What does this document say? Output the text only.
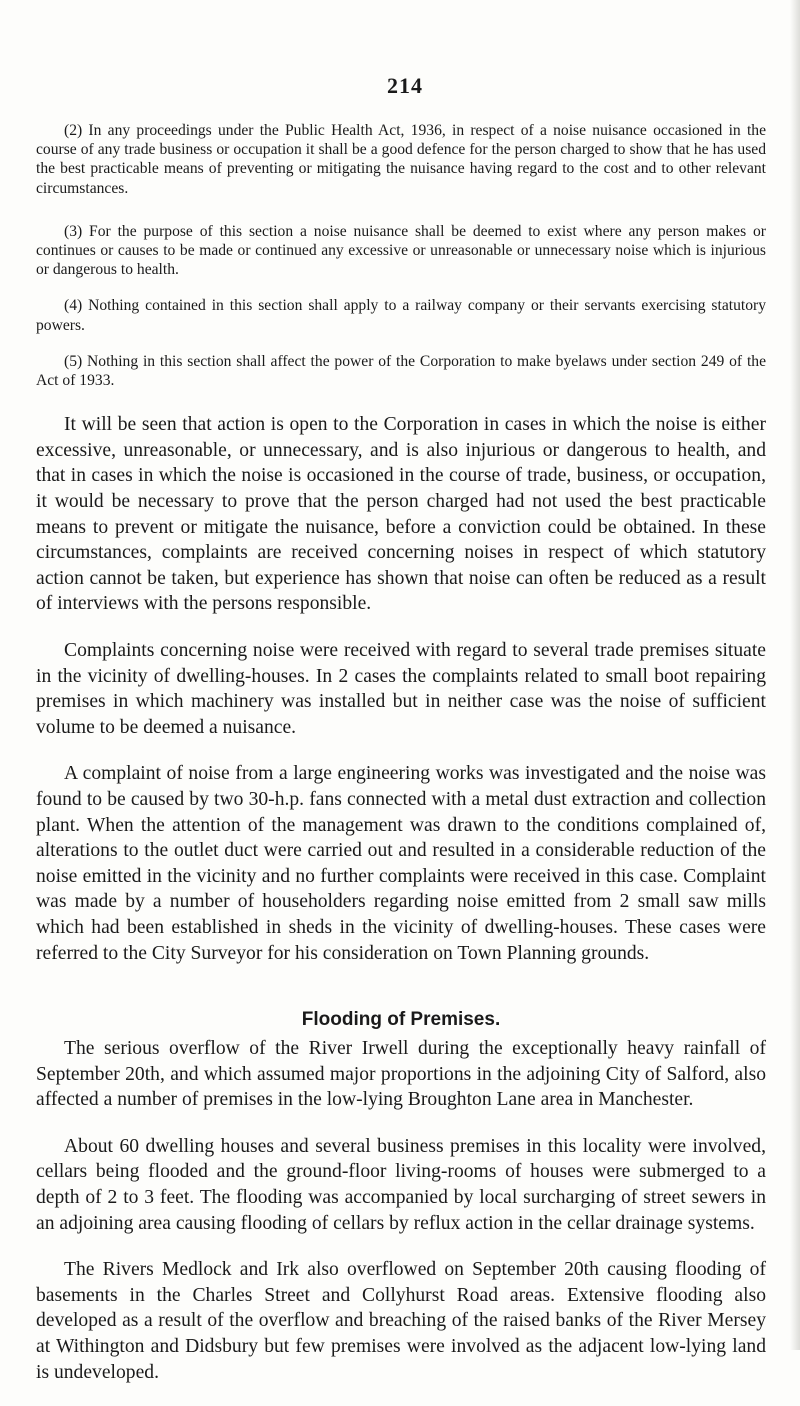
214

(2) In any proceedings under the Public Health Act, 1936, in respect of a noise nuisance occasioned in the course of any trade business or occupation it shall be a good defence for the person charged to show that he has used the best practicable means of preventing or mitigating the nuisance having regard to the cost and to other relevant circumstances.

(3) For the purpose of this section a noise nuisance shall be deemed to exist where any person makes or continues or causes to be made or continued any excessive or unreasonable or unnecessary noise which is injurious or dangerous to health.

(4) Nothing contained in this section shall apply to a railway company or their servants exercising statutory powers.

(5) Nothing in this section shall affect the power of the Corporation to make byelaws under section 249 of the Act of 1933.

It will be seen that action is open to the Corporation in cases in which the noise is either excessive, unreasonable, or unnecessary, and is also injurious or dangerous to health, and that in cases in which the noise is occasioned in the course of trade, business, or occupation, it would be necessary to prove that the person charged had not used the best practicable means to prevent or mitigate the nuisance, before a conviction could be obtained. In these circumstances, complaints are received concerning noises in respect of which statutory action cannot be taken, but experience has shown that noise can often be reduced as a result of interviews with the persons responsible.

Complaints concerning noise were received with regard to several trade premises situate in the vicinity of dwelling-houses. In 2 cases the complaints related to small boot repairing premises in which machinery was installed but in neither case was the noise of sufficient volume to be deemed a nuisance.

A complaint of noise from a large engineering works was investigated and the noise was found to be caused by two 30-h.p. fans connected with a metal dust extraction and collection plant. When the attention of the management was drawn to the conditions complained of, alterations to the outlet duct were carried out and resulted in a considerable reduction of the noise emitted in the vicinity and no further complaints were received in this case. Complaint was made by a number of householders regarding noise emitted from 2 small saw mills which had been established in sheds in the vicinity of dwelling-houses. These cases were referred to the City Surveyor for his consideration on Town Planning grounds.

Flooding of Premises.

The serious overflow of the River Irwell during the exceptionally heavy rainfall of September 20th, and which assumed major proportions in the adjoining City of Salford, also affected a number of premises in the low-lying Broughton Lane area in Manchester.

About 60 dwelling houses and several business premises in this locality were involved, cellars being flooded and the ground-floor living-rooms of houses were submerged to a depth of 2 to 3 feet. The flooding was accompanied by local surcharging of street sewers in an adjoining area causing flooding of cellars by reflux action in the cellar drainage systems.

The Rivers Medlock and Irk also overflowed on September 20th causing flooding of basements in the Charles Street and Collyhurst Road areas. Extensive flooding also developed as a result of the overflow and breaching of the raised banks of the River Mersey at Withington and Didsbury but few premises were involved as the adjacent low-lying land is undeveloped.
